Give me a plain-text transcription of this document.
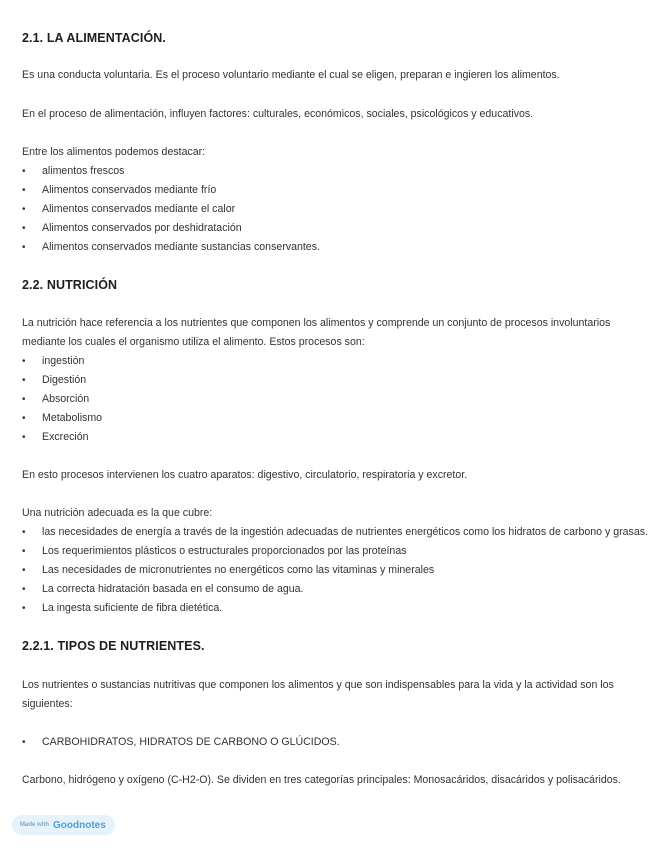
2.1. LA ALIMENTACIÓN.
Es una conducta voluntaria. Es el proceso voluntario mediante el cual se eligen, preparan e ingieren los alimentos.
En el proceso de alimentación, influyen factores: culturales, económicos, sociales, psicológicos y educativos.
Entre los alimentos podemos destacar:
• alimentos frescos
• Alimentos conservados mediante frío
• Alimentos conservados mediante el calor
• Alimentos conservados por deshidratación
• Alimentos conservados mediante sustancias conservantes.
2.2. NUTRICIÓN
La nutrición hace referencia a los nutrientes que componen los alimentos y comprende un conjunto de procesos involuntarios mediante los cuales el organismo utiliza el alimento. Estos procesos son:
• ingestión
• Digestión
• Absorción
• Metabolismo
• Excreción
En esto procesos intervienen los cuatro aparatos: digestivo, circulatorio, respiratoria y excretor.
Una nutrición adecuada es la que cubre:
• las necesidades de energía a través de la ingestión adecuadas de nutrientes energéticos como los hidratos de carbono y grasas.
• Los requerimientos plásticos o estructurales proporcionados por las proteínas
• Las necesidades de micronutrientes no energéticos como las vitaminas y minerales
• La correcta hidratación basada en el consumo de agua.
• La ingesta suficiente de fibra dietética.
2.2.1. TIPOS DE NUTRIENTES.
Los nutrientes o sustancias nutritivas que componen los alimentos y que son indispensables para la vida y la actividad son los siguientes:
• CARBOHIDRATOS, HIDRATOS DE CARBONO O GLÚCIDOS.
Carbono, hidrógeno y oxígeno (C-H2-O). Se dividen en tres categorías principales: Monosacáridos, disacáridos y polisacáridos.
Made with Goodnotes
